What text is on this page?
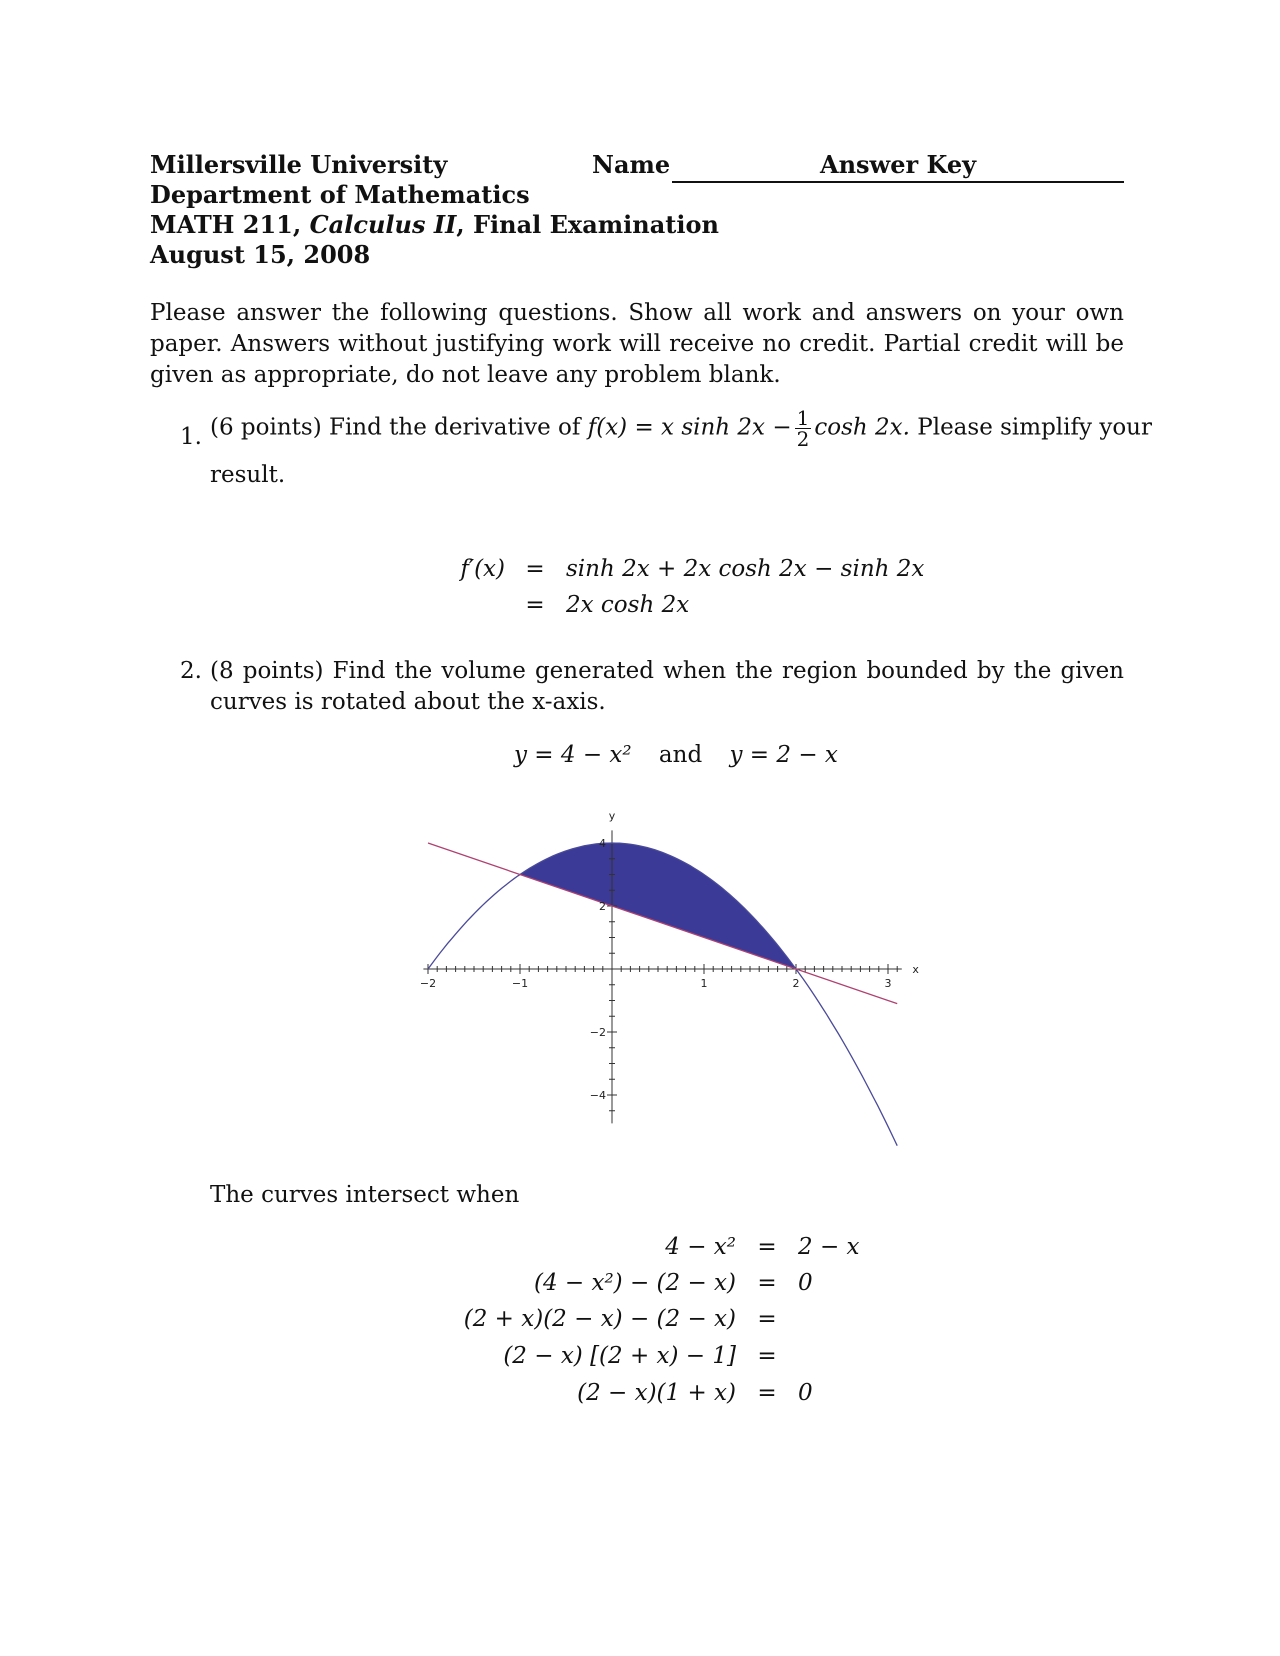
Millersville University
Department of Mathematics
MATH 211, Calculus II, Final Examination
August 15, 2008
Name	Answer Key
Please answer the following questions. Show all work and answers on your own paper. Answers without justifying work will receive no credit. Partial credit will be given as appropriate, do not leave any problem blank.
1. (6 points) Find the derivative of f(x) = x $\sinh 2x - \frac{1}{2}$ cosh 2x. Please simplify your
result.
f′(x) = sinh 2x + 2x cosh 2x − sinh 2x
= 2x cosh 2x
2. (8 points) Find the volume generated when the region bounded by the given curves is rotated about the x-axis.
y = 4 − x² and y = 2 − x
−2	−1	1	2	3
4
2
−2
−4
x
y
The curves intersect when
4 − x² = 2 − x
(4 − x²) − (2 − x) = 0
(2 + x)(2 − x) − (2 − x) =
(2 − x) [(2 + x) − 1] =
(2 − x)(1 + x) = 0
